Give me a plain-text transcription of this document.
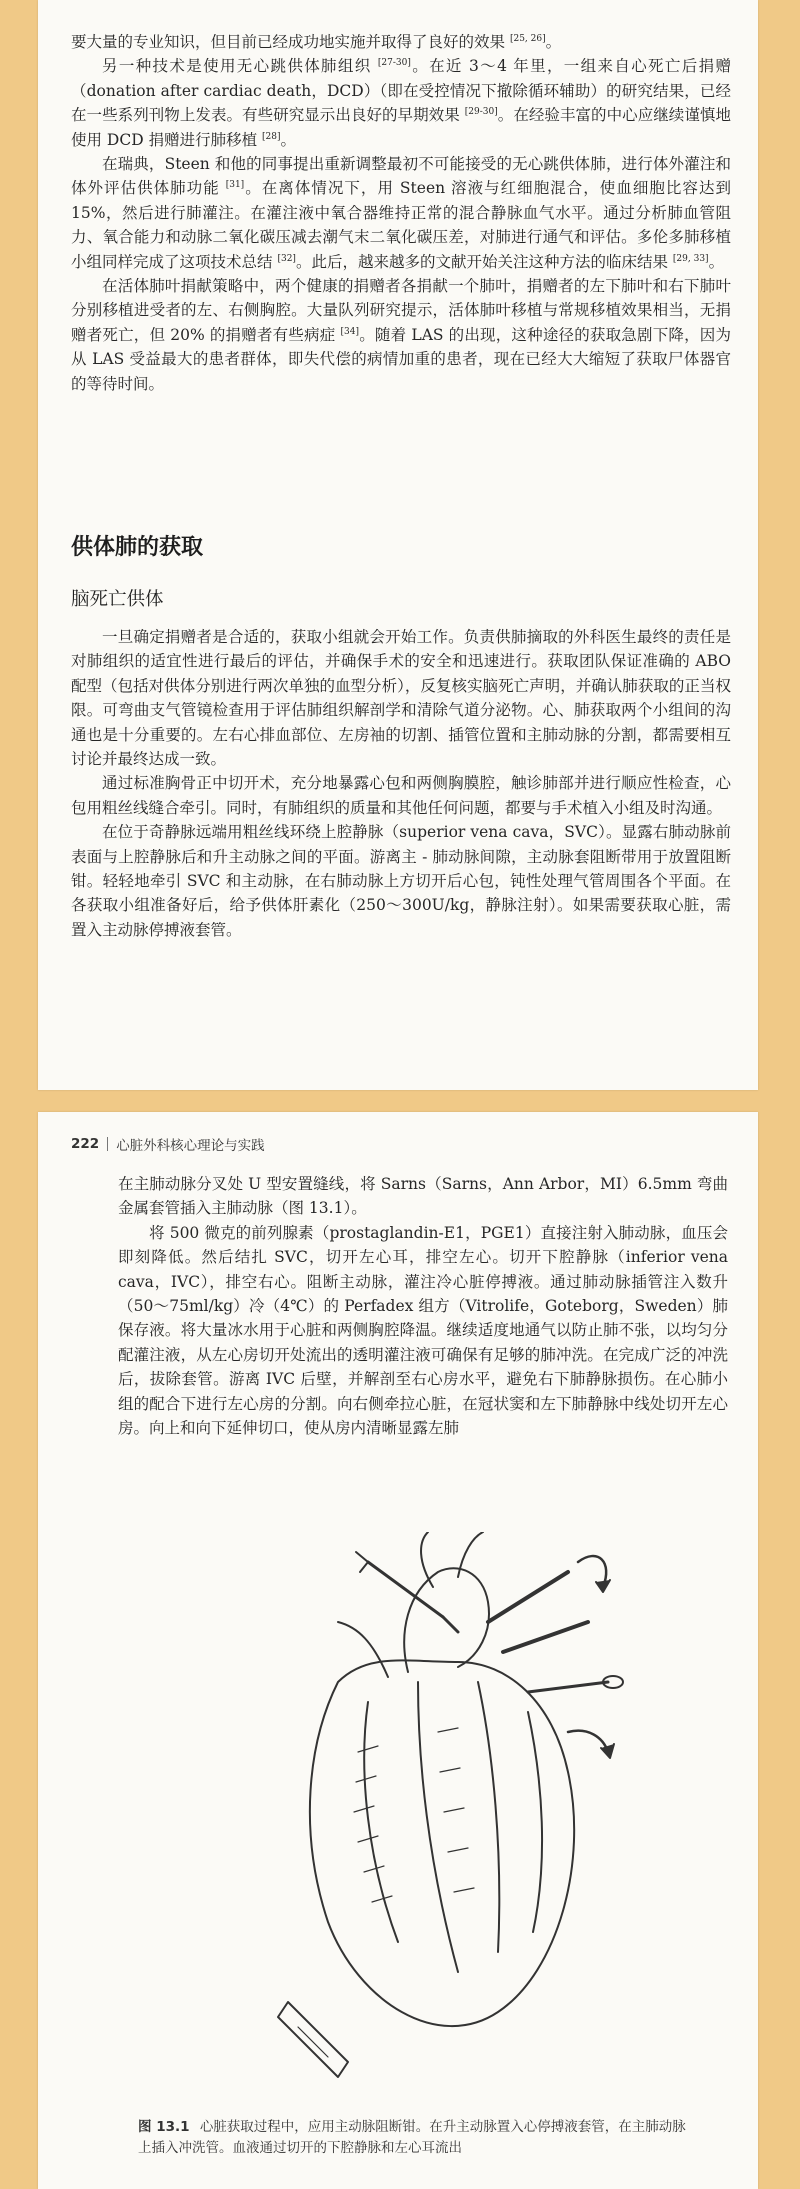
要大量的专业知识，但目前已经成功地实施并取得了良好的效果 [25, 26]。

另一种技术是使用无心跳供体肺组织 [27-30]。在近 3～4 年里，一组来自心死亡后捐赠（donation after cardiac death，DCD）（即在受控情况下撤除循环辅助）的研究结果，已经在一些系列刊物上发表。有些研究显示出良好的早期效果 [29-30]。在经验丰富的中心应继续谨慎地使用 DCD 捐赠进行肺移植 [28]。

在瑞典，Steen 和他的同事提出重新调整最初不可能接受的无心跳供体肺，进行体外灌注和体外评估供体肺功能 [31]。在离体情况下，用 Steen 溶液与红细胞混合，使血细胞比容达到 15%，然后进行肺灌注。在灌注液中氧合器维持正常的混合静脉血气水平。通过分析肺血管阻力、氧合能力和动脉二氧化碳压减去潮气末二氧化碳压差，对肺进行通气和评估。多伦多肺移植小组同样完成了这项技术总结 [32]。此后，越来越多的文献开始关注这种方法的临床结果 [29, 33]。

在活体肺叶捐献策略中，两个健康的捐赠者各捐献一个肺叶，捐赠者的左下肺叶和右下肺叶分别移植进受者的左、右侧胸腔。大量队列研究提示，活体肺叶移植与常规移植效果相当，无捐赠者死亡，但 20% 的捐赠者有些病症 [34]。随着 LAS 的出现，这种途径的获取急剧下降，因为从 LAS 受益最大的患者群体，即失代偿的病情加重的患者，现在已经大大缩短了获取尸体器官的等待时间。

供体肺的获取
脑死亡供体

一旦确定捐赠者是合适的，获取小组就会开始工作。负责供肺摘取的外科医生最终的责任是对肺组织的适宜性进行最后的评估，并确保手术的安全和迅速进行。获取团队保证准确的 ABO 配型（包括对供体分别进行两次单独的血型分析），反复核实脑死亡声明，并确认肺获取的正当权限。可弯曲支气管镜检查用于评估肺组织解剖学和清除气道分泌物。心、肺获取两个小组间的沟通也是十分重要的。左右心排血部位、左房袖的切割、插管位置和主肺动脉的分割，都需要相互讨论并最终达成一致。

通过标准胸骨正中切开术，充分地暴露心包和两侧胸膜腔，触诊肺部并进行顺应性检查，心包用粗丝线缝合牵引。同时，有肺组织的质量和其他任何问题，都要与手术植入小组及时沟通。

在位于奇静脉远端用粗丝线环绕上腔静脉（superior vena cava，SVC）。显露右肺动脉前表面与上腔静脉后和升主动脉之间的平面。游离主 - 肺动脉间隙，主动脉套阻断带用于放置阻断钳。轻轻地牵引 SVC 和主动脉，在右肺动脉上方切开后心包，钝性处理气管周围各个平面。在各获取小组准备好后，给予供体肝素化（250～300U/kg，静脉注射）。如果需要获取心脏，需置入主动脉停搏液套管。

222 心脏外科核心理论与实践

在主肺动脉分叉处 U 型安置缝线，将 Sarns（Sarns，Ann Arbor，MI）6.5mm 弯曲金属套管插入主肺动脉（图 13.1）。

将 500 微克的前列腺素（prostaglandin-E1，PGE1）直接注射入肺动脉，血压会即刻降低。然后结扎 SVC，切开左心耳，排空左心。切开下腔静脉（inferior vena cava，IVC），排空右心。阻断主动脉，灌注冷心脏停搏液。通过肺动脉插管注入数升（50～75ml/kg）冷（4℃）的 Perfadex 组方（Vitrolife，Goteborg，Sweden）肺保存液。将大量冰水用于心脏和两侧胸腔降温。继续适度地通气以防止肺不张，以均匀分配灌注液，从左心房切开处流出的透明灌注液可确保有足够的肺冲洗。在完成广泛的冲洗后，拔除套管。游离 IVC 后壁，并解剖至右心房水平，避免右下肺静脉损伤。在心肺小组的配合下进行左心房的分割。向右侧牵拉心脏，在冠状窦和左下肺静脉中线处切开左心房。向上和向下延伸切口，使从房内清晰显露左肺

图 13.1 心脏获取过程中，应用主动脉阻断钳。在升主动脉置入心停搏液套管，在主肺动脉上插入冲洗管。血液通过切开的下腔静脉和左心耳流出
